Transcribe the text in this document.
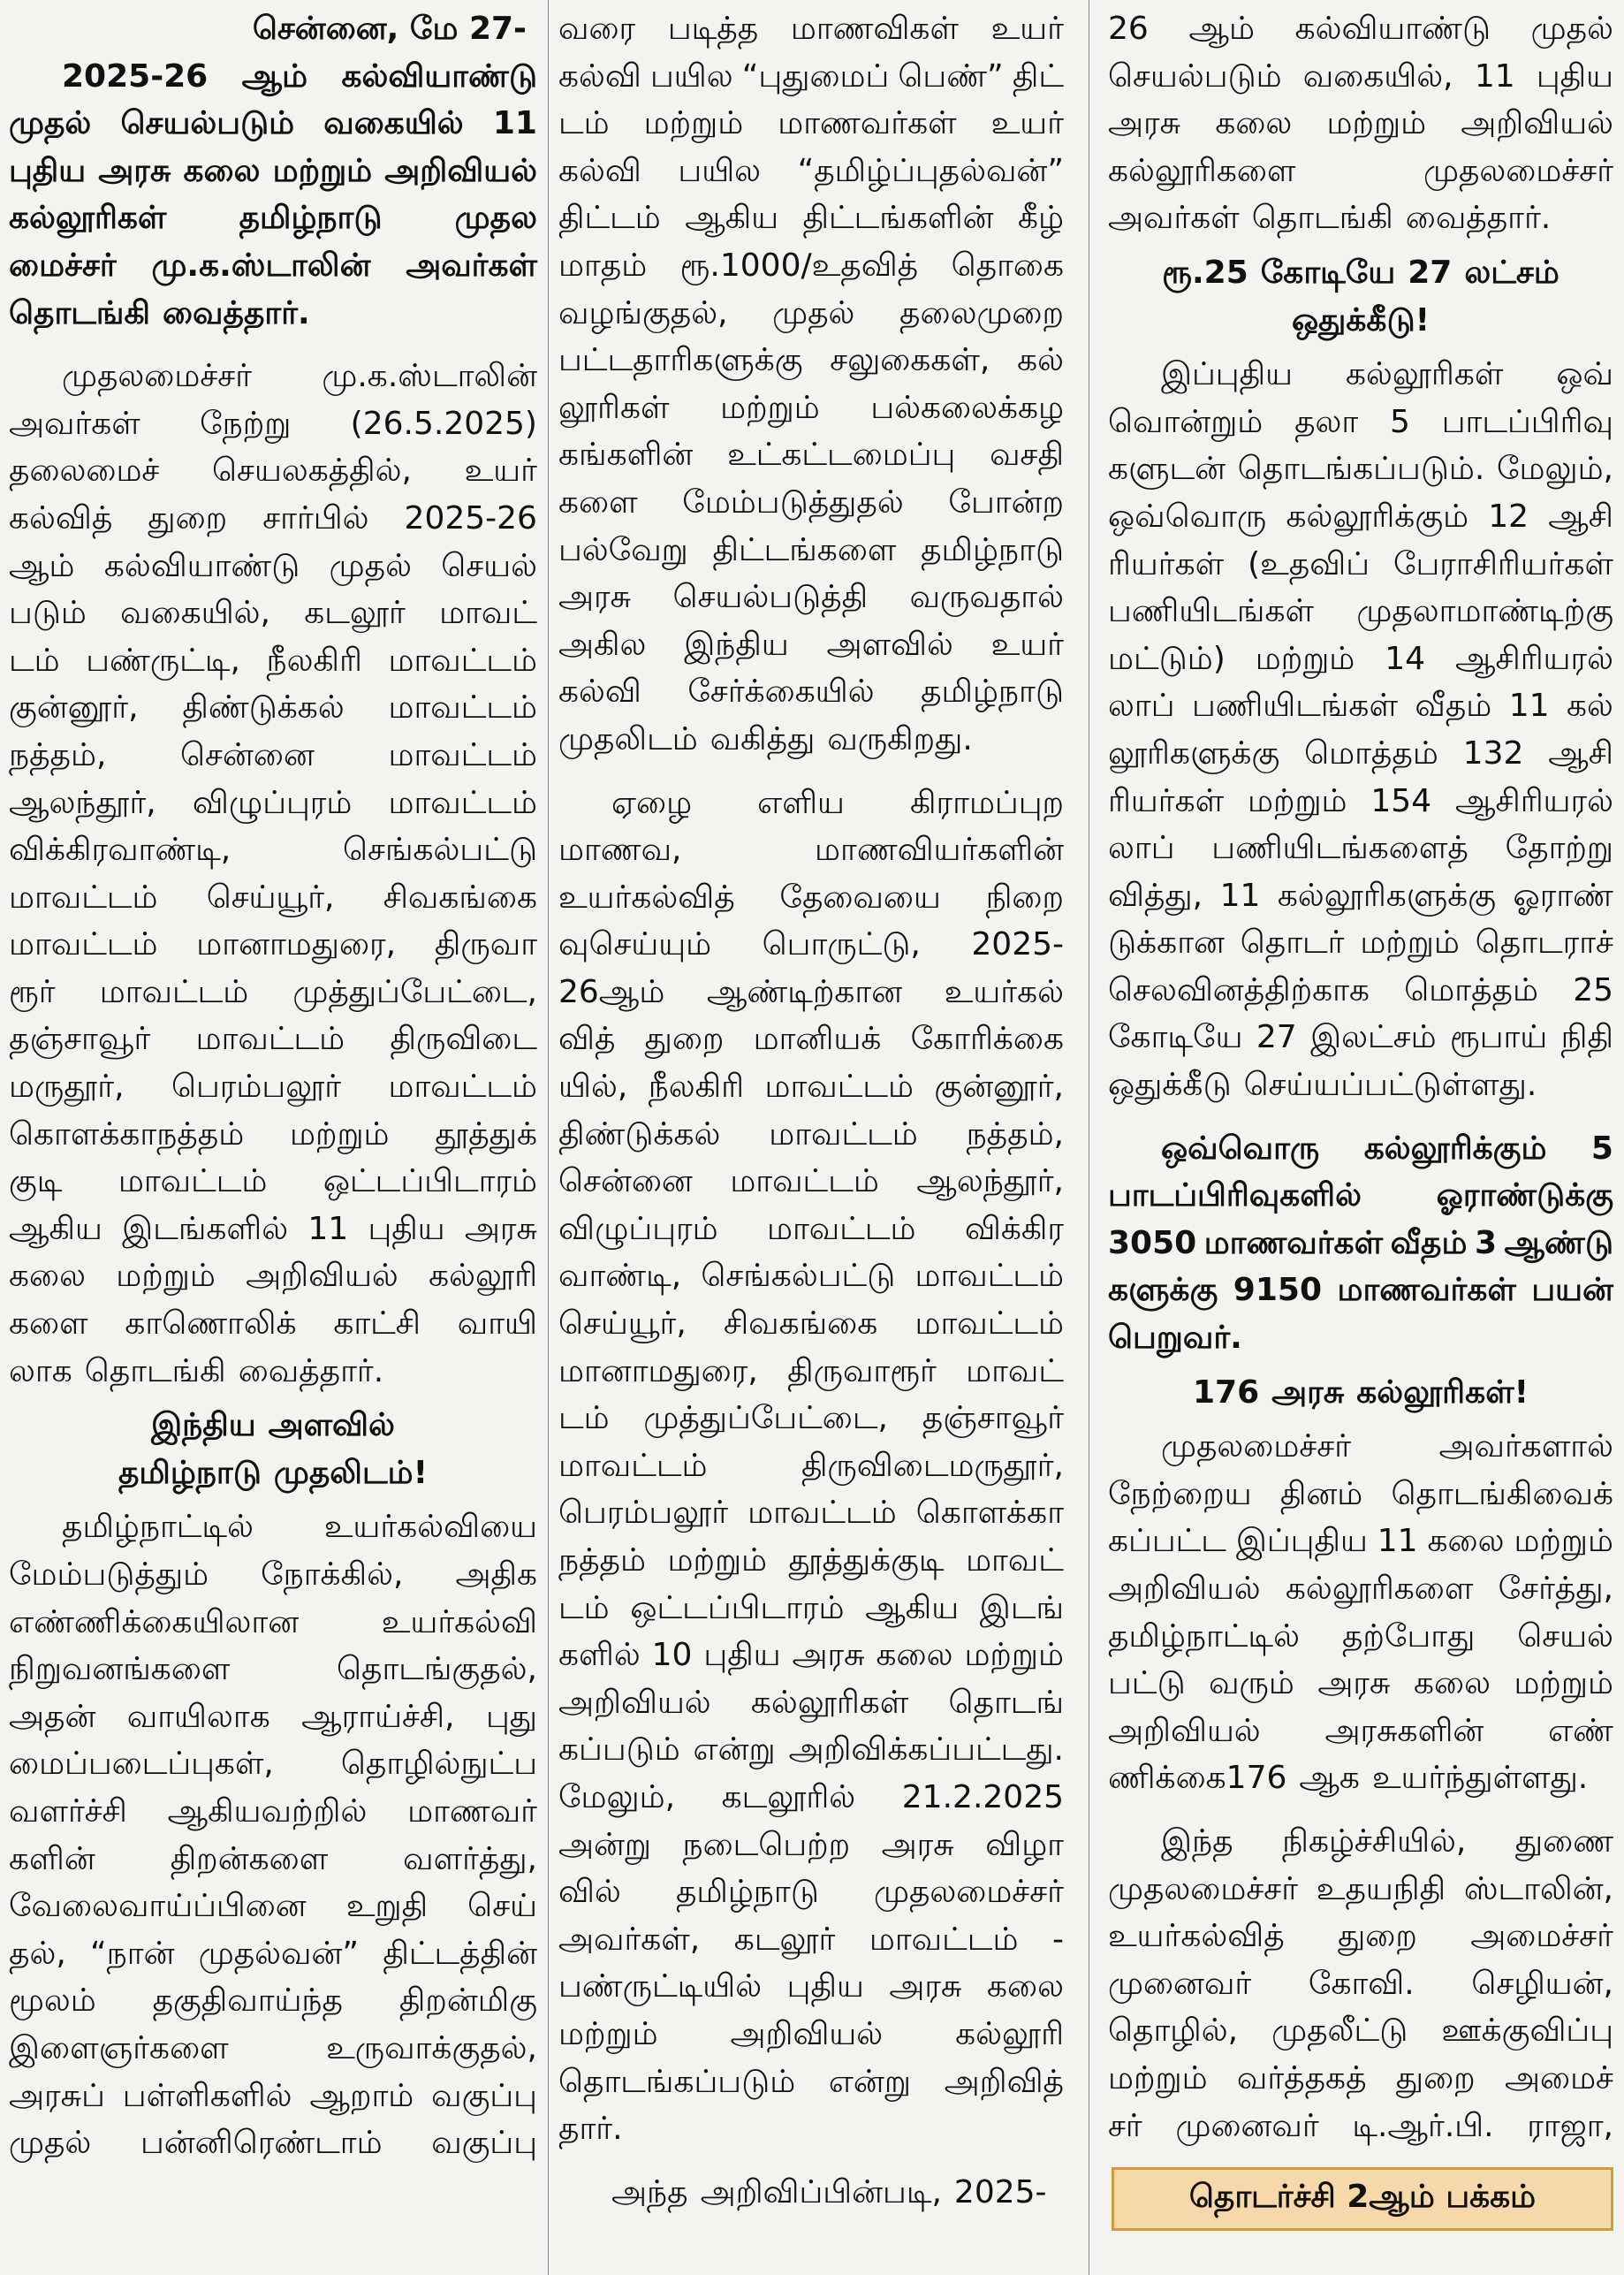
சென்னை, மே 27-
2025-26 ஆம் கல்வியாண்டு
முதல் செயல்படும் வகையில் 11
புதிய அரசு கலை மற்றும் அறிவியல்
கல்லூரிகள் தமிழ்நாடு முதல
மைச்சர் மு.க.ஸ்டாலின் அவர்கள்
தொடங்கி வைத்தார்.
முதலமைச்சர் மு.க.ஸ்டாலின்
அவர்கள் நேற்று (26.5.2025)
தலைமைச் செயலகத்தில், உயர்
கல்வித் துறை சார்பில் 2025-26
ஆம் கல்வியாண்டு முதல் செயல்
படும் வகையில், கடலூர் மாவட்
டம் பண்ருட்டி, நீலகிரி மாவட்டம்
குன்னூர், திண்டுக்கல் மாவட்டம்
நத்தம், சென்னை மாவட்டம்
ஆலந்தூர், விழுப்புரம் மாவட்டம்
விக்கிரவாண்டி,	செங்கல்பட்டு
மாவட்டம் செய்யூர், சிவகங்கை
மாவட்டம் மானாமதுரை, திருவா
ரூர் மாவட்டம் முத்துப்பேட்டை,
தஞ்சாவூர் மாவட்டம் திருவிடை
மருதூர், பெரம்பலூர் மாவட்டம்
கொளக்காநத்தம் மற்றும் தூத்துக்
குடி மாவட்டம் ஒட்டப்பிடாரம்
ஆகிய இடங்களில் 11 புதிய அரசு
கலை மற்றும் அறிவியல் கல்லூரி
களை காணொலிக் காட்சி வாயி
லாக தொடங்கி வைத்தார்.
இந்திய அளவில்
தமிழ்நாடு முதலிடம்!
தமிழ்நாட்டில் உயர்கல்வியை
மேம்படுத்தும் நோக்கில், அதிக
எண்ணிக்கையிலான	உயர்கல்வி
நிறுவனங்களை	தொடங்குதல்,
அதன் வாயிலாக ஆராய்ச்சி, புது
மைப்படைப்புகள், தொழில்நுட்ப
வளர்ச்சி ஆகியவற்றில் மாணவர்
களின் திறன்களை வளர்த்து,
வேலைவாய்ப்பினை உறுதி செய்
தல், “நான் முதல்வன்” திட்டத்தின்
மூலம் தகுதிவாய்ந்த திறன்மிகு
இளைஞர்களை	உருவாக்குதல்,
அரசுப் பள்ளிகளில் ஆறாம் வகுப்பு
முதல் பன்னிரெண்டாம் வகுப்பு
வரை படித்த மாணவிகள் உயர்
கல்வி பயில “புதுமைப் பெண்” திட்
டம் மற்றும் மாணவர்கள் உயர்
கல்வி பயில “தமிழ்ப்புதல்வன்”
திட்டம் ஆகிய திட்டங்களின் கீழ்
மாதம் ரூ.1000/உதவித் தொகை
வழங்குதல், முதல் தலைமுறை
பட்டதாரிகளுக்கு சலுகைகள், கல்
லூரிகள் மற்றும் பல்கலைக்கழ
கங்களின் உட்கட்டமைப்பு வசதி
களை மேம்படுத்துதல் போன்ற
பல்வேறு திட்டங்களை தமிழ்நாடு
அரசு செயல்படுத்தி வருவதால்
அகில இந்திய அளவில் உயர்
கல்வி சேர்க்கையில் தமிழ்நாடு
முதலிடம் வகித்து வருகிறது.
ஏழை எளிய கிராமப்புற
மாணவ,	மாணவியர்களின்
உயர்கல்வித் தேவையை நிறை
வுசெய்யும் பொருட்டு, 2025-
26ஆம் ஆண்டிற்கான உயர்கல்
வித் துறை மானியக் கோரிக்கை
யில், நீலகிரி மாவட்டம் குன்னூர்,
திண்டுக்கல் மாவட்டம் நத்தம்,
சென்னை மாவட்டம் ஆலந்தூர்,
விழுப்புரம் மாவட்டம் விக்கிர
வாண்டி, செங்கல்பட்டு மாவட்டம்
செய்யூர், சிவகங்கை மாவட்டம்
மானாமதுரை, திருவாரூர் மாவட்
டம் முத்துப்பேட்டை, தஞ்சாவூர்
மாவட்டம்	திருவிடைமருதூர்,
பெரம்பலூர் மாவட்டம் கொளக்கா
நத்தம் மற்றும் தூத்துக்குடி மாவட்
டம் ஒட்டப்பிடாரம் ஆகிய இடங்
களில் 10 புதிய அரசு கலை மற்றும்
அறிவியல் கல்லூரிகள் தொடங்
கப்படும் என்று அறிவிக்கப்பட்டது.
மேலும், கடலூரில் 21.2.2025
அன்று நடைபெற்ற அரசு விழா
வில் தமிழ்நாடு முதலமைச்சர்
அவர்கள், கடலூர் மாவட்டம் -
பண்ருட்டியில் புதிய அரசு கலை
மற்றும் அறிவியல் கல்லூரி
தொடங்கப்படும் என்று அறிவித்
தார்.
அந்த அறிவிப்பின்படி, 2025-
26 ஆம் கல்வியாண்டு முதல்
செயல்படும் வகையில், 11 புதிய
அரசு கலை மற்றும் அறிவியல்
கல்லூரிகளை	முதலமைச்சர்
அவர்கள் தொடங்கி வைத்தார்.
ரூ.25 கோடியே 27 லட்சம்
ஒதுக்கீடு!
இப்புதிய கல்லூரிகள் ஒவ்
வொன்றும் தலா 5 பாடப்பிரிவு
களுடன் தொடங்கப்படும். மேலும்,
ஒவ்வொரு கல்லூரிக்கும் 12 ஆசி
ரியர்கள் (உதவிப் பேராசிரியர்கள்
பணியிடங்கள் முதலாமாண்டிற்கு
மட்டும்) மற்றும் 14 ஆசிரியரல்
லாப் பணியிடங்கள் வீதம் 11 கல்
லூரிகளுக்கு மொத்தம் 132 ஆசி
ரியர்கள் மற்றும் 154 ஆசிரியரல்
லாப் பணியிடங்களைத் தோற்று
வித்து, 11 கல்லூரிகளுக்கு ஓராண்
டுக்கான தொடர் மற்றும் தொடராச்
செலவினத்திற்காக மொத்தம் 25
கோடியே 27 இலட்சம் ரூபாய் நிதி
ஒதுக்கீடு செய்யப்பட்டுள்ளது.
ஒவ்வொரு கல்லூரிக்கும் 5
பாடப்பிரிவுகளில் ஓராண்டுக்கு
3050 மாணவர்கள் வீதம் 3 ஆண்டு
களுக்கு 9150 மாணவர்கள் பயன்
பெறுவர்.
176 அரசு கல்லூரிகள்!
முதலமைச்சர்	அவர்களால்
நேற்றைய தினம் தொடங்கிவைக்
கப்பட்ட இப்புதிய 11 கலை மற்றும்
அறிவியல் கல்லூரிகளை சேர்த்து,
தமிழ்நாட்டில் தற்போது செயல்
பட்டு வரும் அரசு கலை மற்றும்
அறிவியல் அரசுகளின் எண்
ணிக்கை176 ஆக உயர்ந்துள்ளது.
இந்த நிகழ்ச்சியில், துணை
முதலமைச்சர் உதயநிதி ஸ்டாலின்,
உயர்கல்வித் துறை அமைச்சர்
முனைவர் கோவி. செழியன்,
தொழில், முதலீட்டு ஊக்குவிப்பு
மற்றும் வர்த்தகத் துறை அமைச்
சர் முனைவர் டி.ஆர்.பி. ராஜா,
தொடர்ச்சி 2ஆம் பக்கம்
